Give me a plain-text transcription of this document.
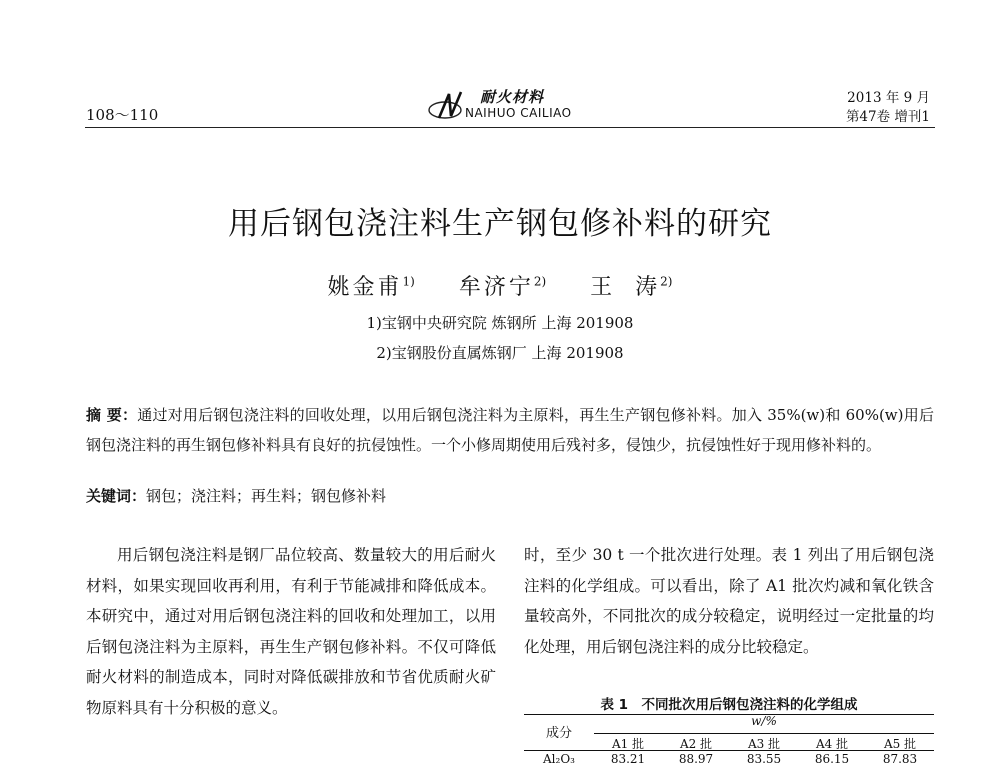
108～110
耐火材料
NAIHUO CAILIAO
2013 年 9 月
第47卷 增刊1
用后钢包浇注料生产钢包修补料的研究
姚金甫$^{1)}$ 牟济宁$^{2)}$ 王 涛$^{2)}$
1)宝钢中央研究院 炼钢所 上海 201908
2)宝钢股份直属炼钢厂 上海 201908
摘 要：通过对用后钢包浇注料的回收处理，以用后钢包浇注料为主原料，再生生产钢包修补料。加入 35%(w)和 60%(w)用后钢包浇注料的再生钢包修补料具有良好的抗侵蚀性。一个小修周期使用后残衬多，侵蚀少，抗侵蚀性好于现用修补料的。
关键词：钢包；浇注料；再生料；钢包修补料
用后钢包浇注料是钢厂品位较高、数量较大的用后耐火材料，如果实现回收再利用，有利于节能减排和降低成本。本研究中，通过对用后钢包浇注料的回收和处理加工，以用后钢包浇注料为主原料，再生生产钢包修补料。不仅可降低耐火材料的制造成本，同时对降低碳排放和节省优质耐火矿物原料具有十分积极的意义。
时，至少 30 t 一个批次进行处理。表 1 列出了用后钢包浇注料的化学组成。可以看出，除了 A1 批次灼减和氧化铁含量较高外，不同批次的成分较稳定，说明经过一定批量的均化处理，用后钢包浇注料的成分比较稳定。
表 1　不同批次用后钢包浇注料的化学组成
成分
w/%
A1 批	A2 批	A3 批	A4 批	A5 批
Al₂O₃	83.21	88.97	83.55	86.15	87.83
